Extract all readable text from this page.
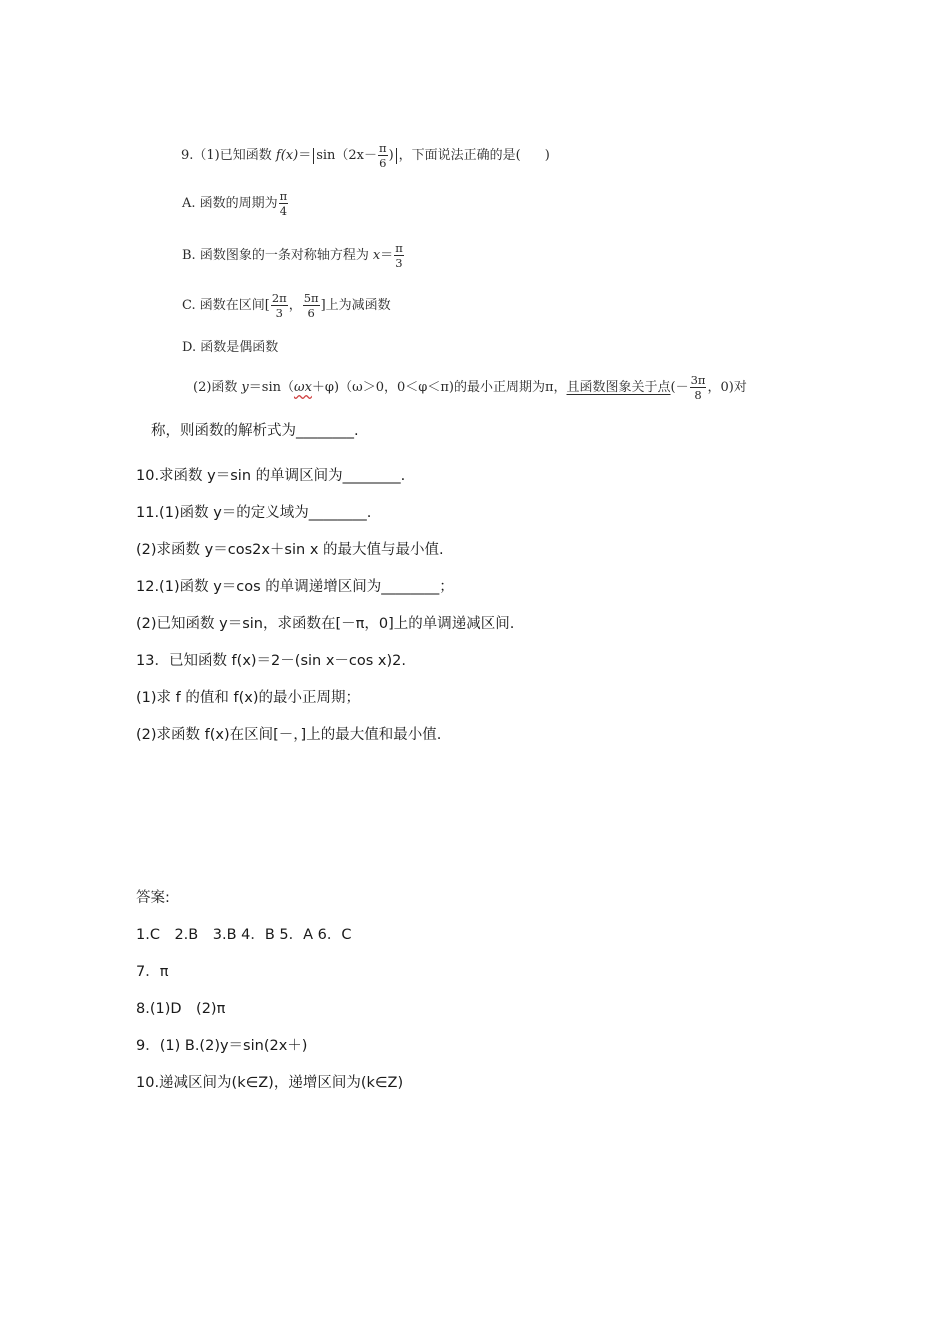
9.（1)已知函数 $f(x)= \sin(2x- \frac{\pi}{6}$ ) ，下面说法正确的是( )
A. 函数的周期为 $\frac{\pi}{4}$
B. 函数图象的一条对称轴方程为 $x= \frac{\pi}{3}$
C. 函数在区间[ $\frac{2\pi}{3}$ ， $\frac{5\pi}{6}$ ]上为减函数
D. 函数是偶函数
(2)函数 y＝sin（ωx＋φ)（ω＞0，0＜φ＜π)的最小正周期为π，且函数图象关于点(－ $\frac{3\pi}{8}$ ，0)对
称，则函数的解析式为________.
10.求函数 y＝sin 的单调区间为________.
11.(1)函数 y＝的定义域为________.
(2)求函数 y＝cos2x＋sin x 的最大值与最小值.
12.(1)函数 y＝cos 的单调递增区间为________；
(2)已知函数 y＝sin，求函数在[－π，0]上的单调递减区间.
13．已知函数 f(x)＝2－(sin x－cos x)2.
(1)求 f 的值和 f(x)的最小正周期；
(2)求函数 f(x)在区间[－，]上的最大值和最小值.
答案:
1.C　2.B　3.B 4．B 5．A 6．C
7．π
8.(1)D　(2)π
9．(1) B.(2)y＝sin(2x＋)
10.递减区间为(k∈Z)，递增区间为(k∈Z)
